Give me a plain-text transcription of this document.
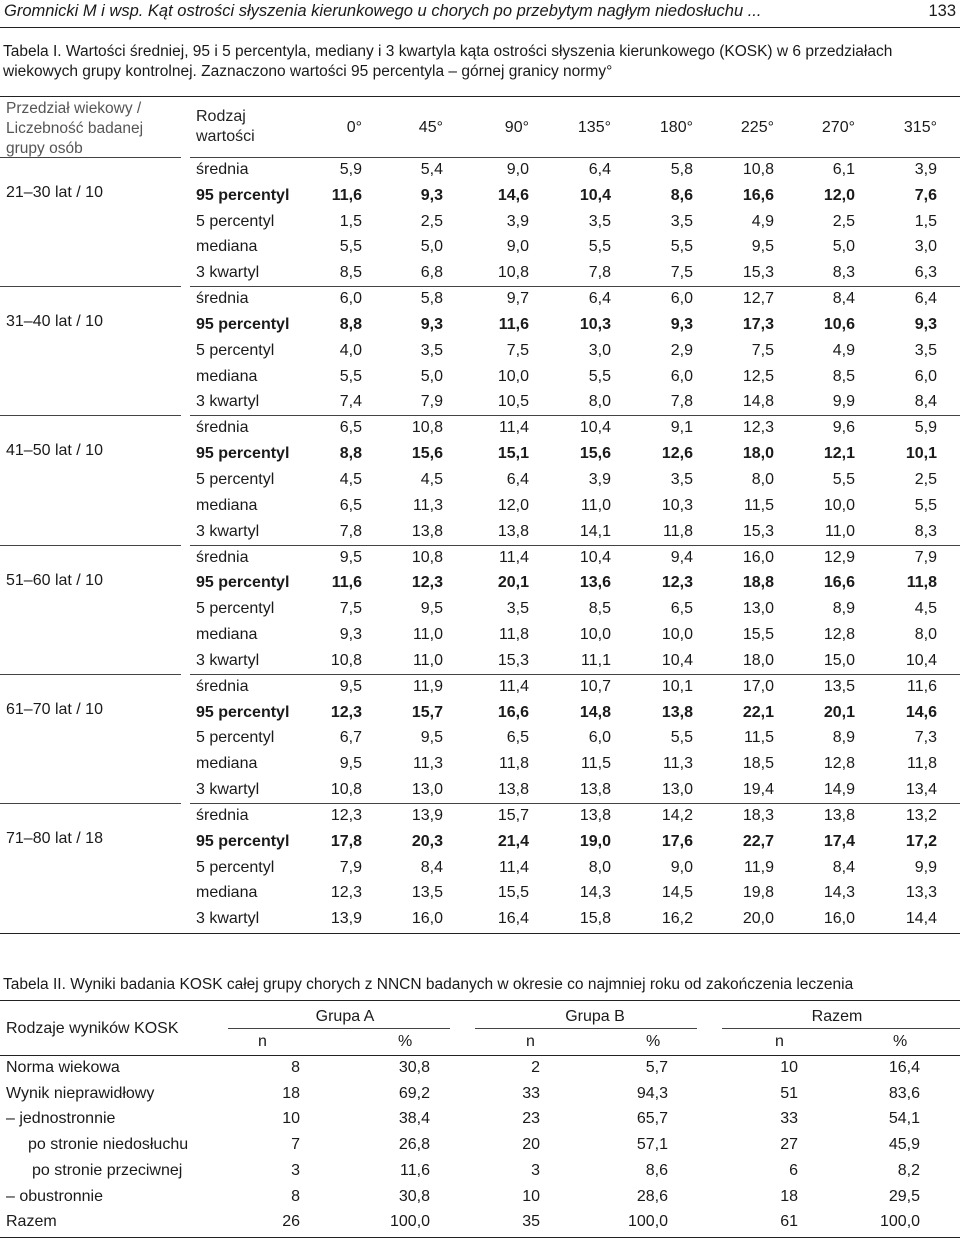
Gromnicki M i wsp. Kąt ostrości słyszenia kierunkowego u chorych po przebytym nagłym niedosłuchu ...	133
Tabela I. Wartości średniej, 95 i 5 percentyla, mediany i 3 kwartyla kąta ostrości słyszenia kierunkowego (KOSK) w 6 przedziałach wiekowych grupy kontrolnej. Zaznaczono wartości 95 percentyla – górnej granicy normy°
Przedział wiekowy / Liczebność badanej grupy osób
Rodzaj wartości
0°	45°	90°	135°	180°	225°	270°	315°
21–30 lat / 10
średnia	5,9	5,4	9,0	6,4	5,8	10,8	6,1	3,9
95 percentyl	11,6	9,3	14,6	10,4	8,6	16,6	12,0	7,6
5 percentyl	1,5	2,5	3,9	3,5	3,5	4,9	2,5	1,5
mediana	5,5	5,0	9,0	5,5	5,5	9,5	5,0	3,0
3 kwartyl	8,5	6,8	10,8	7,8	7,5	15,3	8,3	6,3
31–40 lat / 10
średnia	6,0	5,8	9,7	6,4	6,0	12,7	8,4	6,4
95 percentyl	8,8	9,3	11,6	10,3	9,3	17,3	10,6	9,3
5 percentyl	4,0	3,5	7,5	3,0	2,9	7,5	4,9	3,5
mediana	5,5	5,0	10,0	5,5	6,0	12,5	8,5	6,0
3 kwartyl	7,4	7,9	10,5	8,0	7,8	14,8	9,9	8,4
41–50 lat / 10
średnia	6,5	10,8	11,4	10,4	9,1	12,3	9,6	5,9
95 percentyl	8,8	15,6	15,1	15,6	12,6	18,0	12,1	10,1
5 percentyl	4,5	4,5	6,4	3,9	3,5	8,0	5,5	2,5
mediana	6,5	11,3	12,0	11,0	10,3	11,5	10,0	5,5
3 kwartyl	7,8	13,8	13,8	14,1	11,8	15,3	11,0	8,3
51–60 lat / 10
średnia	9,5	10,8	11,4	10,4	9,4	16,0	12,9	7,9
95 percentyl	11,6	12,3	20,1	13,6	12,3	18,8	16,6	11,8
5 percentyl	7,5	9,5	3,5	8,5	6,5	13,0	8,9	4,5
mediana	9,3	11,0	11,8	10,0	10,0	15,5	12,8	8,0
3 kwartyl	10,8	11,0	15,3	11,1	10,4	18,0	15,0	10,4
61–70 lat / 10
średnia	9,5	11,9	11,4	10,7	10,1	17,0	13,5	11,6
95 percentyl	12,3	15,7	16,6	14,8	13,8	22,1	20,1	14,6
5 percentyl	6,7	9,5	6,5	6,0	5,5	11,5	8,9	7,3
mediana	9,5	11,3	11,8	11,5	11,3	18,5	12,8	11,8
3 kwartyl	10,8	13,0	13,8	13,8	13,0	19,4	14,9	13,4
71–80 lat / 18
średnia	12,3	13,9	15,7	13,8	14,2	18,3	13,8	13,2
95 percentyl	17,8	20,3	21,4	19,0	17,6	22,7	17,4	17,2
5 percentyl	7,9	8,4	11,4	8,0	9,0	11,9	8,4	9,9
mediana	12,3	13,5	15,5	14,3	14,5	19,8	14,3	13,3
3 kwartyl	13,9	16,0	16,4	15,8	16,2	20,0	16,0	14,4
Tabela II. Wyniki badania KOSK całej grupy chorych z NNCN badanych w okresie co najmniej roku od zakończenia leczenia
Rodzaje wyników KOSK
Grupa A	Grupa B	Razem
n	%	n	%	n	%
Norma wiekowa	8	30,8	2	5,7	10	16,4
Wynik nieprawidłowy	18	69,2	33	94,3	51	83,6
– jednostronnie	10	38,4	23	65,7	33	54,1
po stronie niedosłuchu	7	26,8	20	57,1	27	45,9
po stronie przeciwnej	3	11,6	3	8,6	6	8,2
– obustronnie	8	30,8	10	28,6	18	29,5
Razem	26	100,0	35	100,0	61	100,0
